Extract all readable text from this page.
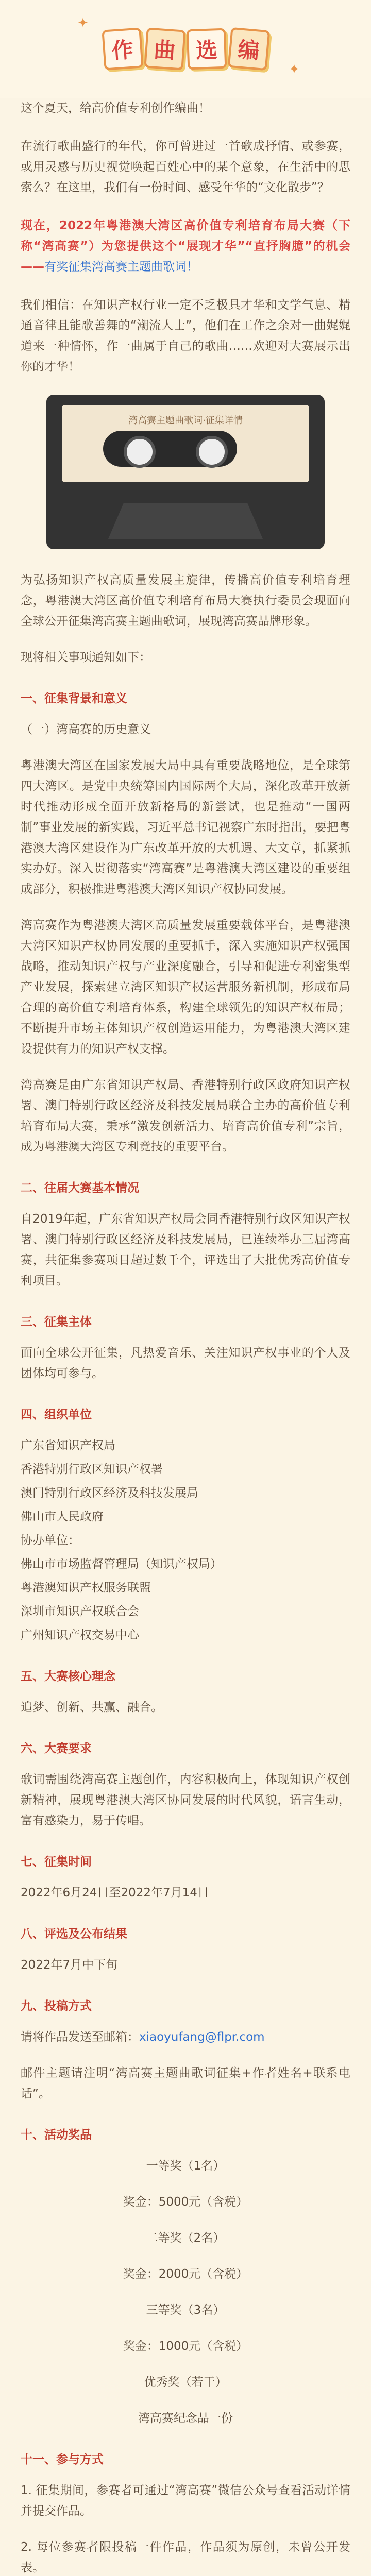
✦
✦
作 曲 选 编

这个夏天，给高价值专利创作编曲！

在流行歌曲盛行的年代，你可曾进过一首歌成抒情、或参赛，或用灵感与历史视觉唤起百姓心中的某个意象，在生活中的思索么？在这里，我们有一份时间、感受年华的“文化散步”？

现在，2022年粤港澳大湾区高价值专利培育布局大赛（下称“湾高赛”）为您提供这个“展现才华”“直抒胸臆”的机会——有奖征集湾高赛主题曲歌词！

我们相信：在知识产权行业一定不乏极具才华和文学气息、精通音律且能歌善舞的“潮流人士”，他们在工作之余对一曲娓娓道来一种情怀，作一曲属于自己的歌曲……欢迎对大赛展示出你的才华！

湾高赛主题曲歌词·征集详情

为弘扬知识产权高质量发展主旋律，传播高价值专利培育理念，粤港澳大湾区高价值专利培育布局大赛执行委员会现面向全球公开征集湾高赛主题曲歌词，展现湾高赛品牌形象。

现将相关事项通知如下：

一、征集背景和意义

（一）湾高赛的历史意义

粤港澳大湾区在国家发展大局中具有重要战略地位，是全球第四大湾区。是党中央统筹国内国际两个大局，深化改革开放新时代推动形成全面开放新格局的新尝试，也是推动“一国两制”事业发展的新实践，习近平总书记视察广东时指出，要把粤港澳大湾区建设作为广东改革开放的大机遇、大文章，抓紧抓实办好。深入贯彻落实“湾高赛”是粤港澳大湾区建设的重要组成部分，积极推进粤港澳大湾区知识产权协同发展。

湾高赛作为粤港澳大湾区高质量发展重要载体平台，是粤港澳大湾区知识产权协同发展的重要抓手，深入实施知识产权强国战略，推动知识产权与产业深度融合，引导和促进专利密集型产业发展，探索建立湾区知识产权运营服务新机制，形成布局合理的高价值专利培育体系，构建全球领先的知识产权布局；不断提升市场主体知识产权创造运用能力，为粤港澳大湾区建设提供有力的知识产权支撑。

湾高赛是由广东省知识产权局、香港特别行政区政府知识产权署、澳门特别行政区经济及科技发展局联合主办的高价值专利培育布局大赛，秉承“激发创新活力、培育高价值专利”宗旨，成为粤港澳大湾区专利竞技的重要平台。

二、往届大赛基本情况

自2019年起，广东省知识产权局会同香港特别行政区知识产权署、澳门特别行政区经济及科技发展局，已连续举办三届湾高赛，共征集参赛项目超过数千个，评选出了大批优秀高价值专利项目。

三、征集主体

面向全球公开征集，凡热爱音乐、关注知识产权事业的个人及团体均可参与。

四、组织单位

广东省知识产权局

香港特别行政区知识产权署

澳门特别行政区经济及科技发展局

佛山市人民政府

协办单位：

佛山市市场监督管理局（知识产权局）

粤港澳知识产权服务联盟

深圳市知识产权联合会

广州知识产权交易中心

五、大赛核心理念

追梦、创新、共赢、融合。

六、大赛要求

歌词需围绕湾高赛主题创作，内容积极向上，体现知识产权创新精神，展现粤港澳大湾区协同发展的时代风貌，语言生动，富有感染力，易于传唱。

七、征集时间

2022年6月24日至2022年7月14日

八、评选及公布结果

2022年7月中下旬

九、投稿方式

请将作品发送至邮箱：xiaoyufang@flpr.com

邮件主题请注明“湾高赛主题曲歌词征集+作者姓名+联系电话”。

十、活动奖品

一等奖（1名）

奖金：5000元（含税）

二等奖（2名）

奖金：2000元（含税）

三等奖（3名）

奖金：1000元（含税）

优秀奖（若干）

湾高赛纪念品一份

十一、参与方式

1. 征集期间，参赛者可通过“湾高赛”微信公众号查看活动详情并提交作品。

2. 每位参赛者限投稿一件作品，作品须为原创，未曾公开发表。
